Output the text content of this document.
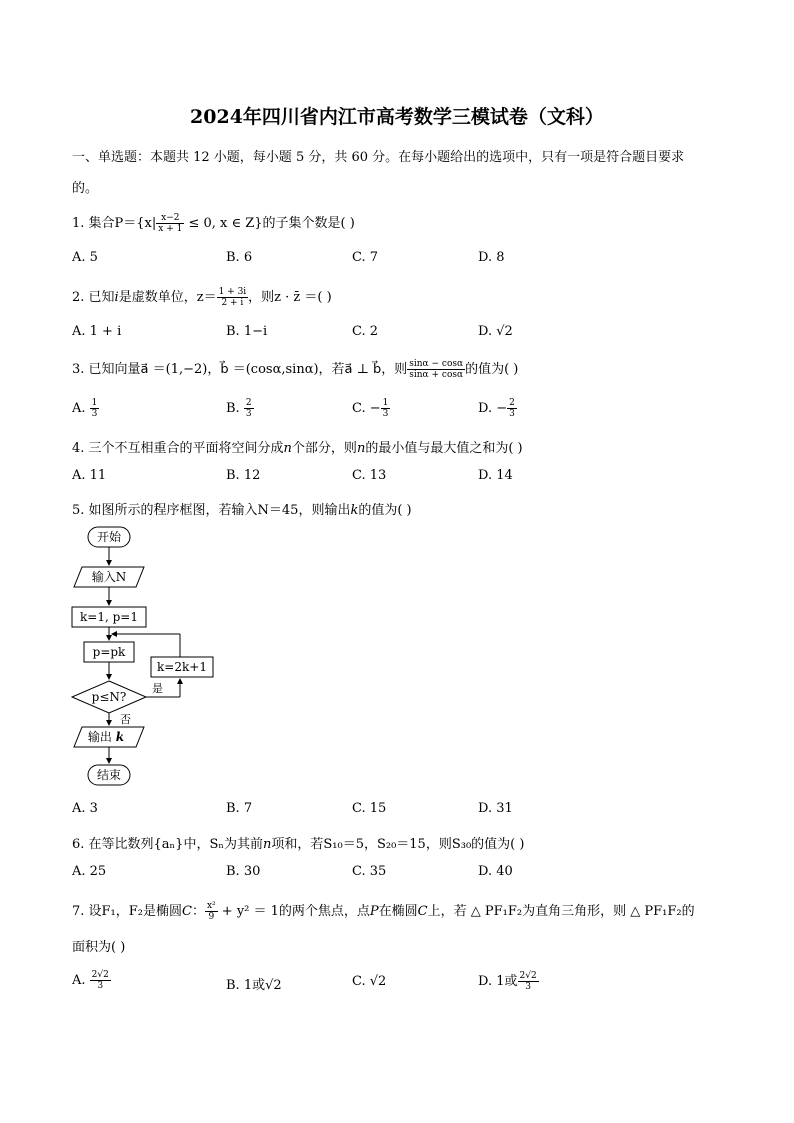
2024年四川省内江市高考数学三模试卷（文科）
一、单选题：本题共 12 小题，每小题 5 分，共 60 分。在每小题给出的选项中，只有一项是符合题目要求
的。
1. 集合$P=\{x| \frac{x-2}{x + 1} \le 0$, x ∈ Z}的子集个数是( )
A. 5	B. 6	C. 7	D. 8
2. 已知i是虚数单位，$z= \frac{1 + 3i}{2 + i}$ ，则z · z̄ ＝( )
A. 1 + i	B. 1−i	C. 2	D. √2
3. 已知向量a⃗ ＝(1,−2)，b⃗ ＝(cosα,sinα)，若a⃗ ⊥ b⃗，则 $\frac{\sin\alpha - \cos\alpha}{\sin\alpha + \cos\alpha}$ 的值为( )
A. $\frac{1}{3}$	B. $\frac{2}{3}$	C. − $\frac{1}{3}$	D. − $\frac{2}{3}$
4. 三个不互相重合的平面将空间分成n个部分，则n的最小值与最大值之和为( )
A. 11	B. 12	C. 13	D. 14
5. 如图所示的程序框图，若输入N＝45，则输出k的值为( )
开始
输入N
k=1, p=1
p=pk
k=2k+1
p≤N?
是
否
输出 k
结束
A. 3	B. 7	C. 15	D. 31
6. 在等比数列{aₙ}中，Sₙ为其前n项和，若S₁₀＝5，S₂₀＝15，则S₃₀的值为( )
A. 25	B. 30	C. 35	D. 40
7. 设F₁，F₂是椭圆C： $\frac{\text{x²}}{9} + y^2 = 1$的两个焦点，点P在椭圆C上，若 △ PF₁F₂为直角三角形，则 △ PF₁F₂的
面积为( )
A. $\frac{2√2}{3}$	B. 1或√2	C. √2	D. 1或 $\frac{2√2}{3}$
